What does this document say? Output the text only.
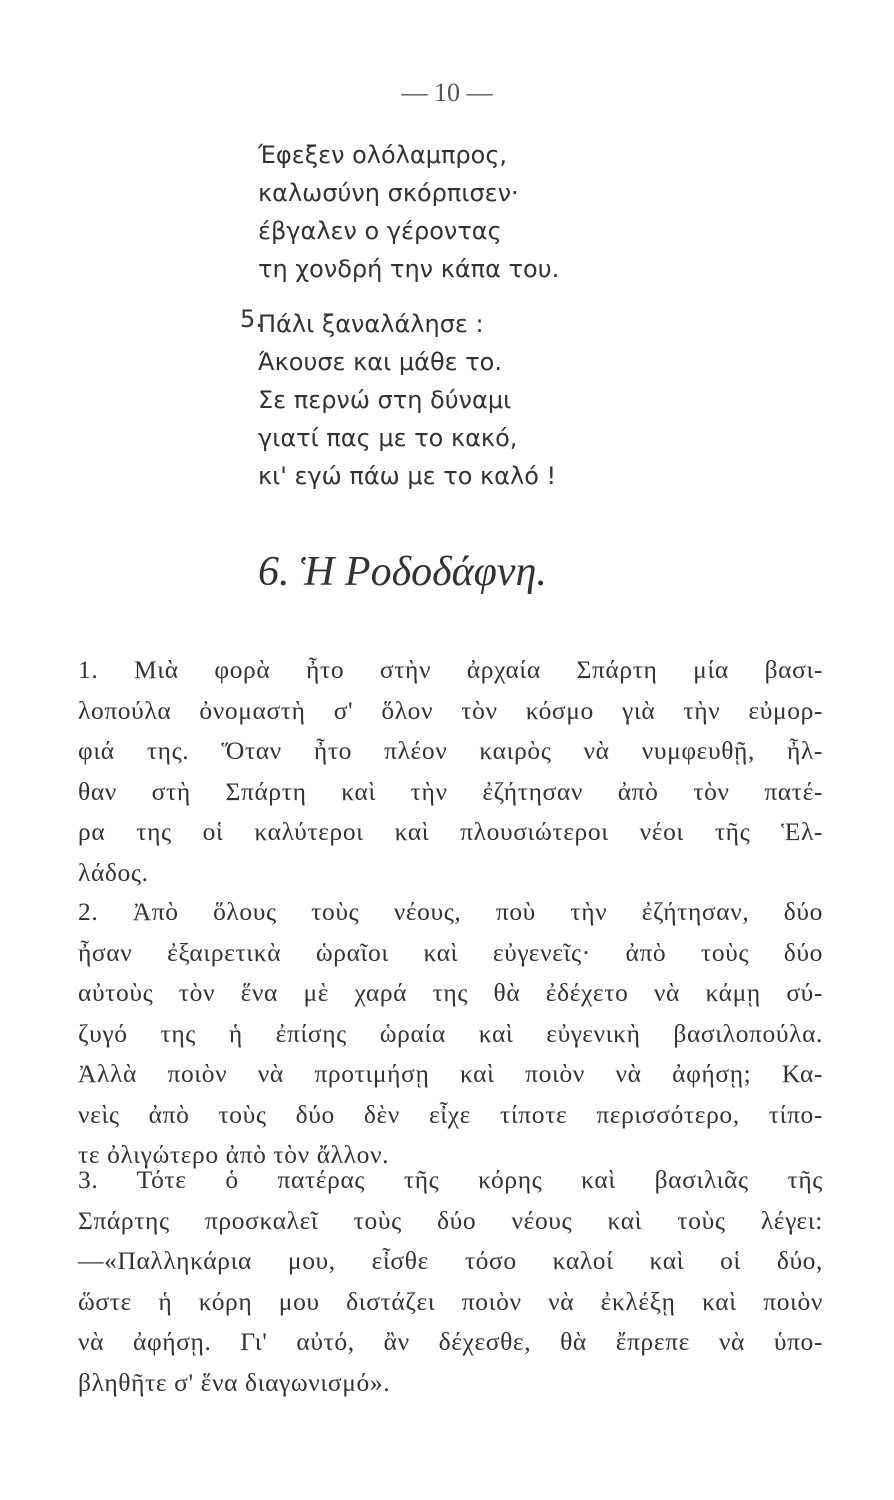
— 10 —
Έφεξεν ολόλαμπρος,
καλωσύνη σκόρπισεν·
έβγαλεν ο γέροντας
τη χονδρή την κάπα του.
5.
Πάλι ξαναλάλησε :
Άκουσε και μάθε το.
Σε περνώ στη δύναμι
γιατί πας με το κακό,
κι' εγώ πάω με το καλό !
6. Ἡ Ροδοδάφνη.
1. Μιὰ φορὰ ἦτο στὴν ἀρχαία Σπάρτη μία βασι-
λοπούλα ὀνομαστὴ σ' ὅλον τὸν κόσμο γιὰ τὴν εὐμορ-
φιά της. Ὅταν ἦτο πλέον καιρὸς νὰ νυμφευθῇ, ἦλ-
θαν στὴ Σπάρτη καὶ τὴν ἐζήτησαν ἀπὸ τὸν πατέ-
ρα της οἱ καλύτεροι καὶ πλουσιώτεροι νέοι τῆς Ἑλ-
λάδος.
2. Ἀπὸ ὅλους τοὺς νέους, ποὺ τὴν ἐζήτησαν, δύο
ἦσαν ἐξαιρετικὰ ὡραῖοι καὶ εὐγενεῖς· ἀπὸ τοὺς δύο
αὐτοὺς τὸν ἕνα μὲ χαρά της θὰ ἐδέχετο νὰ κάμῃ σύ-
ζυγό της ἡ ἐπίσης ὡραία καὶ εὐγενικὴ βασιλοπούλα.
Ἀλλὰ ποιὸν νὰ προτιμήσῃ καὶ ποιὸν νὰ ἀφήσῃ; Κα-
νεὶς ἀπὸ τοὺς δύο δὲν εἶχε τίποτε περισσότερο, τίπο-
τε ὀλιγώτερο ἀπὸ τὸν ἄλλον.
3. Τότε ὁ πατέρας τῆς κόρης καὶ βασιλιᾶς τῆς
Σπάρτης προσκαλεῖ τοὺς δύο νέους καὶ τοὺς λέγει:
—«Παλληκάρια μου, εἶσθε τόσο καλοί καὶ οἱ δύο,
ὥστε ἡ κόρη μου διστάζει ποιὸν νὰ ἐκλέξῃ καὶ ποιὸν
νὰ ἀφήσῃ. Γι' αὐτό, ἂν δέχεσθε, θὰ ἔπρεπε νὰ ὑπο-
βληθῆτε σ' ἕνα διαγωνισμό».
